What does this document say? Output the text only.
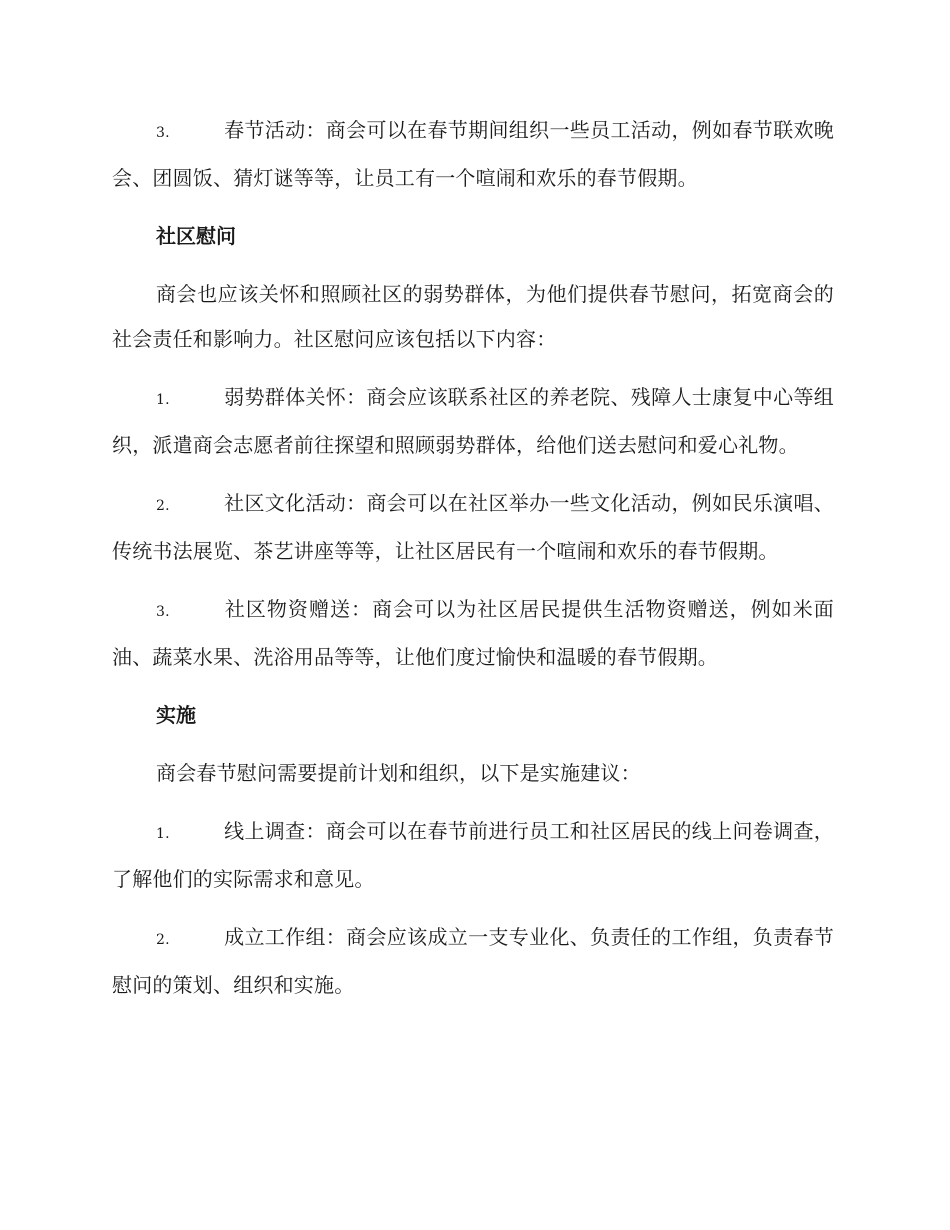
3.	春节活动：商会可以在春节期间组织一些员工活动，例如春节联欢晚会、团圆饭、猜灯谜等等，让员工有一个喧闹和欢乐的春节假期。

社区慰问

商会也应该关怀和照顾社区的弱势群体，为他们提供春节慰问，拓宽商会的社会责任和影响力。社区慰问应该包括以下内容：

1.	弱势群体关怀：商会应该联系社区的养老院、残障人士康复中心等组织，派遣商会志愿者前往探望和照顾弱势群体，给他们送去慰问和爱心礼物。

2.	社区文化活动：商会可以在社区举办一些文化活动，例如民乐演唱、传统书法展览、茶艺讲座等等，让社区居民有一个喧闹和欢乐的春节假期。

3.	社区物资赠送：商会可以为社区居民提供生活物资赠送，例如米面油、蔬菜水果、洗浴用品等等，让他们度过愉快和温暖的春节假期。

实施

商会春节慰问需要提前计划和组织，以下是实施建议：

1.	线上调查：商会可以在春节前进行员工和社区居民的线上问卷调查，了解他们的实际需求和意见。

2.	成立工作组：商会应该成立一支专业化、负责任的工作组，负责春节慰问的策划、组织和实施。
